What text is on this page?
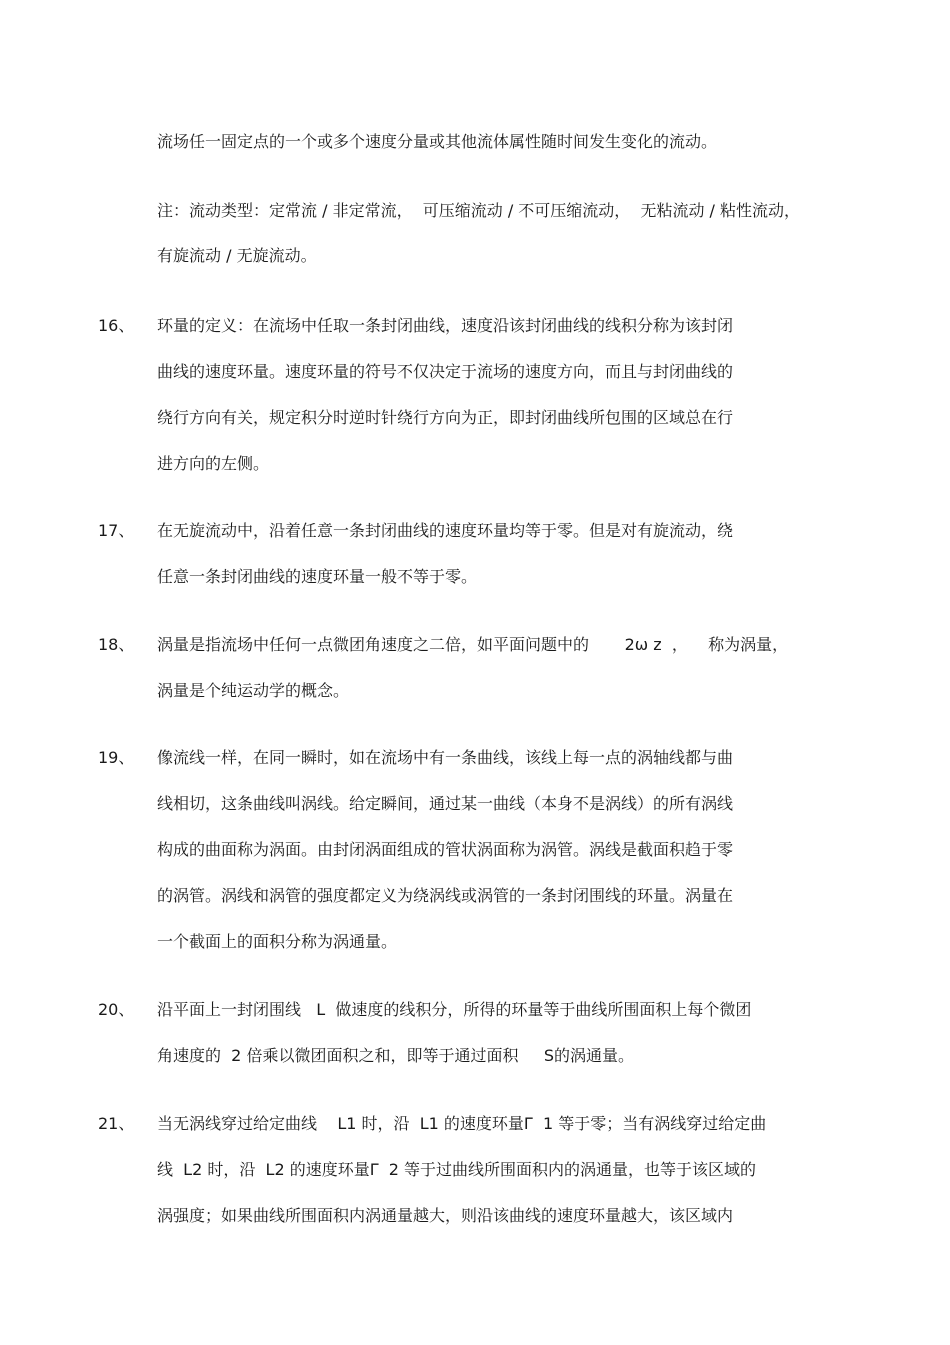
流场任一固定点的一个或多个速度分量或其他流体属性随时间发生变化的流动。
注：流动类型：定常流 / 非定常流，  可压缩流动 / 不可压缩流动，  无粘流动 / 粘性流动，
有旋流动 / 无旋流动。
16、 环量的定义：在流场中任取一条封闭曲线，速度沿该封闭曲线的线积分称为该封闭
曲线的速度环量。速度环量的符号不仅决定于流场的速度方向，而且与封闭曲线的
绕行方向有关，规定积分时逆时针绕行方向为正，即封闭曲线所包围的区域总在行
进方向的左侧。
17、 在无旋流动中，沿着任意一条封闭曲线的速度环量均等于零。但是对有旋流动，绕
任意一条封闭曲线的速度环量一般不等于零。
18、 涡量是指流场中任何一点微团角速度之二倍，如平面问题中的       2ω z  ，    称为涡量，
涡量是个纯运动学的概念。
19、 像流线一样，在同一瞬时，如在流场中有一条曲线，该线上每一点的涡轴线都与曲
线相切，这条曲线叫涡线。给定瞬间，通过某一曲线（本身不是涡线）的所有涡线
构成的曲面称为涡面。由封闭涡面组成的管状涡面称为涡管。涡线是截面积趋于零
的涡管。涡线和涡管的强度都定义为绕涡线或涡管的一条封闭围线的环量。涡量在
一个截面上的面积分称为涡通量。
20、 沿平面上一封闭围线   L  做速度的线积分，所得的环量等于曲线所围面积上每个微团
角速度的  2 倍乘以微团面积之和，即等于通过面积     S的涡通量。
21、 当无涡线穿过给定曲线    L1 时，沿  L1 的速度环量Γ  1 等于零；当有涡线穿过给定曲
线  L2 时，沿  L2 的速度环量Γ  2 等于过曲线所围面积内的涡通量，也等于该区域的
涡强度；如果曲线所围面积内涡通量越大，则沿该曲线的速度环量越大，该区域内
